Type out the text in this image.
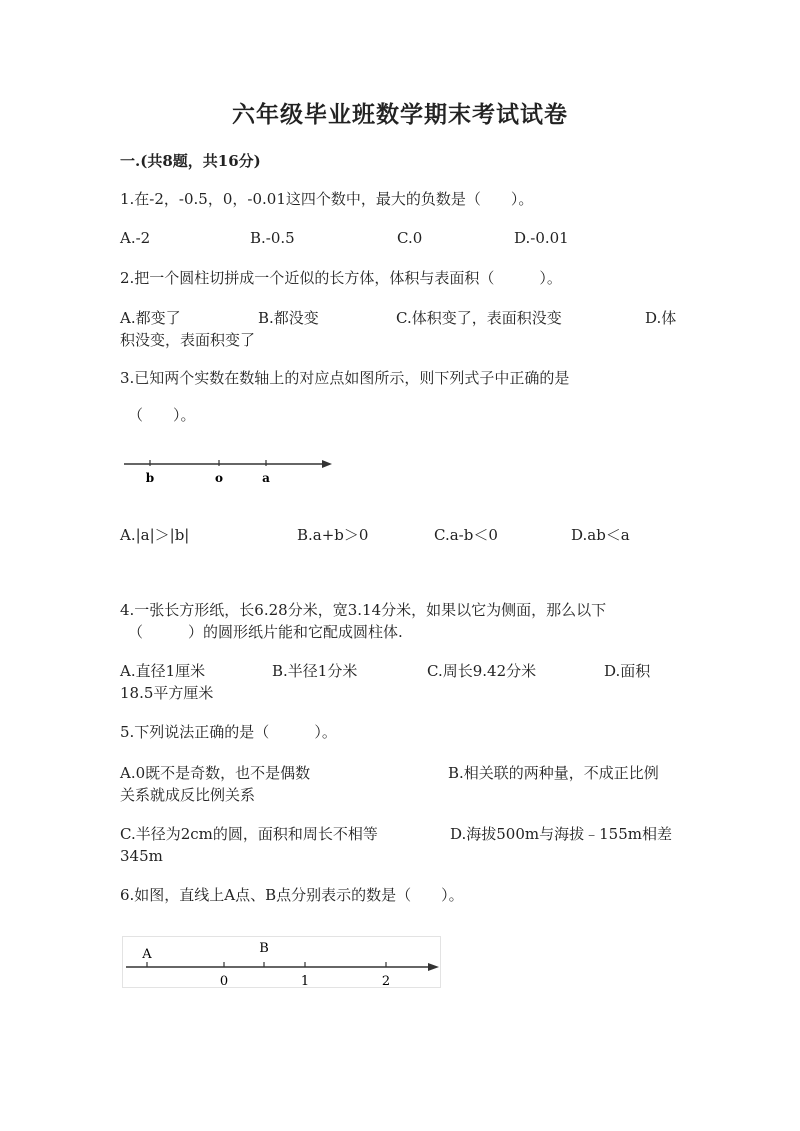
六年级毕业班数学期末考试试卷
一.(共8题，共16分)
1.在-2，-0.5，0，-0.01这四个数中，最大的负数是（　　）。
A.-2	B.-0.5	C.0	D.-0.01
2.把一个圆柱切拼成一个近似的长方体，体积与表面积（　　　）。
A.都变了	B.都没变	C.体积变了，表面积没变	D.体
积没变，表面积变了
3.已知两个实数在数轴上的对应点如图所示，则下列式子中正确的是
（　　）。
b	o	a
A.|a|＞|b|	B.a+b＞0	C.a-b＜0	D.ab＜a
4.一张长方形纸，长6.28分米，宽3.14分米，如果以它为侧面，那么以下
（　　　）的圆形纸片能和它配成圆柱体.
A.直径1厘米	B.半径1分米	C.周长9.42分米	D.面积
18.5平方厘米
5.下列说法正确的是（　　　）。
A.0既不是奇数，也不是偶数	B.相关联的两种量，不成正比例
关系就成反比例关系
C.半径为2cm的圆，面积和周长不相等	D.海拔500m与海拔﹣155m相差
345m
6.如图，直线上A点、B点分别表示的数是（　　）。
A	B
0	1	2
